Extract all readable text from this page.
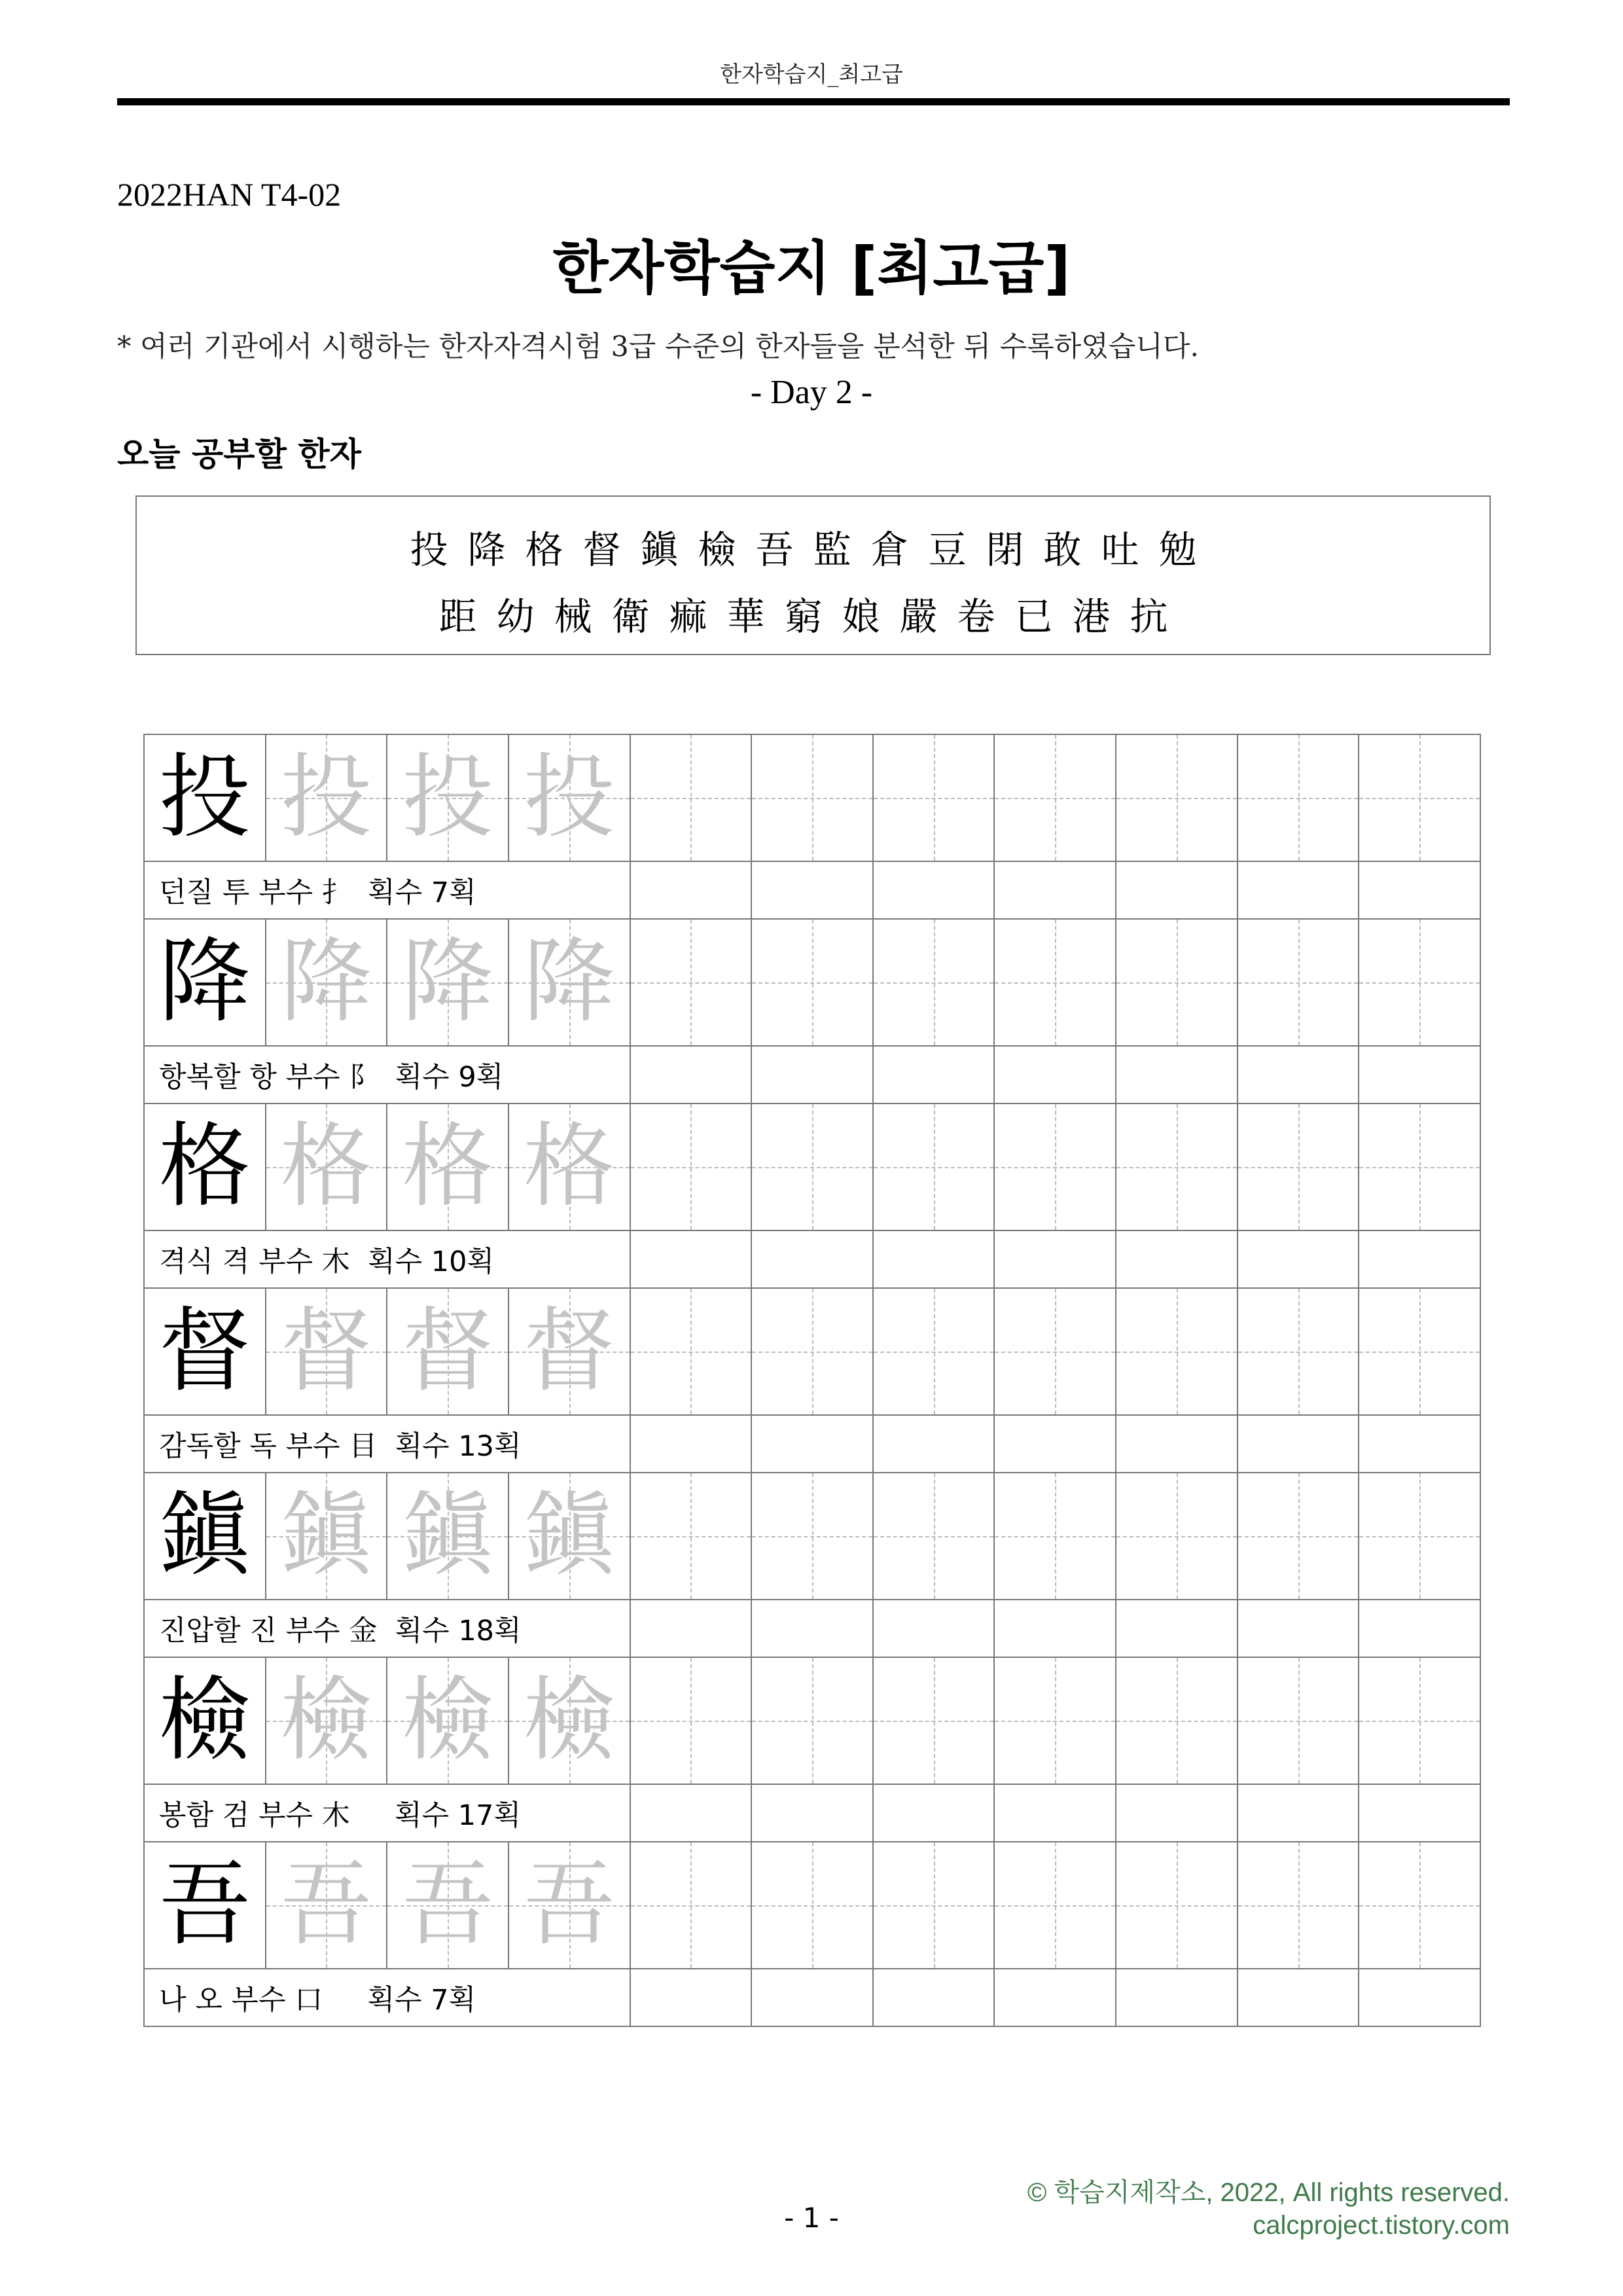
한자학습지_최고급
2022HAN T4-02
한자학습지 [최고급]
* 여러 기관에서 시행하는 한자자격시험 3급 수준의 한자들을 분석한 뒤 수록하였습니다.
- Day 2 -
오늘 공부할 한자
投降格督鎭檢吾監倉豆閉敢吐勉
距幼械衛痲華窮娘嚴卷已港抗
投 投 投 投
던질 투 부수 扌  획수 7획
降 降 降 降
항복할 항 부수 阝  획수 9획
格 格 格 格
격식 격 부수 木  획수 10획
督 督 督 督
감독할 독 부수 目  획수 13획
鎭 鎭 鎭 鎭
진압할 진 부수 金  획수 18획
檢 檢 檢 檢
봉함 검 부수 木     획수 17획
吾 吾 吾 吾
나 오 부수 口     획수 7획
© 학습지제작소, 2022, All rights reserved.
calcproject.tistory.com
- 1 -
